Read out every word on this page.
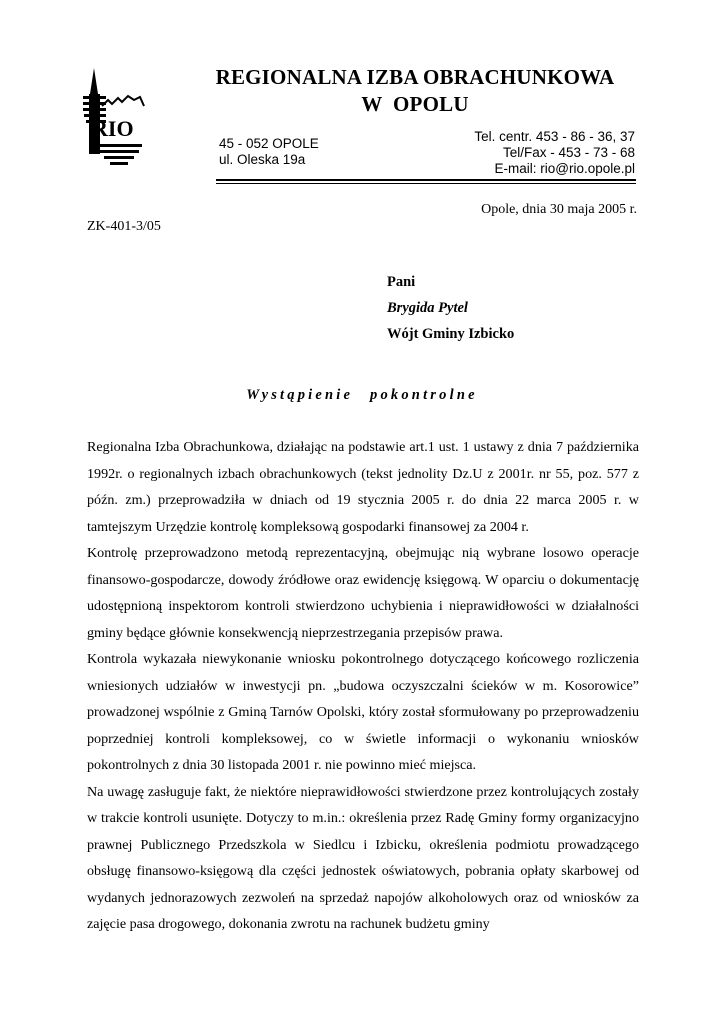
RIO
REGIONALNA IZBA OBRACHUNKOWA
W  OPOLU
45 - 052 OPOLE
ul. Oleska 19a
Tel. centr. 453 - 86 - 36, 37
Tel/Fax - 453 - 73 - 68
E-mail: rio@rio.opole.pl
Opole, dnia 30 maja 2005 r.
ZK-401-3/05
Pani
Brygida Pytel
Wójt Gminy Izbicko
Wystąpienie pokontrolne

Regionalna Izba Obrachunkowa, działając na podstawie art.1 ust. 1 ustawy z dnia 7 października 1992r. o regionalnych izbach obrachunkowych (tekst jednolity Dz.U z 2001r. nr 55, poz. 577 z późn. zm.) przeprowadziła w dniach od 19 stycznia 2005 r. do dnia 22 marca 2005 r. w tamtejszym Urzędzie kontrolę kompleksową gospodarki finansowej za 2004 r.

Kontrolę przeprowadzono metodą reprezentacyjną, obejmując nią wybrane losowo operacje finansowo-gospodarcze, dowody źródłowe oraz ewidencję księgową. W oparciu o dokumentację udostępnioną inspektorom kontroli stwierdzono uchybienia i nieprawidłowości w działalności gminy będące głównie konsekwencją nieprzestrzegania przepisów prawa.

Kontrola wykazała niewykonanie wniosku pokontrolnego dotyczącego końcowego rozliczenia wniesionych udziałów w inwestycji pn. „budowa oczyszczalni ścieków w m. Kosorowice” prowadzonej wspólnie z Gminą Tarnów Opolski, który został sformułowany po przeprowadzeniu poprzedniej kontroli kompleksowej, co w świetle informacji o wykonaniu wniosków pokontrolnych z dnia 30 listopada 2001 r. nie powinno mieć miejsca.

Na uwagę zasługuje fakt, że niektóre nieprawidłowości stwierdzone przez kontrolujących zostały w trakcie kontroli usunięte. Dotyczy to m.in.: określenia przez Radę Gminy formy organizacyjno prawnej Publicznego Przedszkola w Siedlcu i Izbicku, określenia podmiotu prowadzącego obsługę finansowo-księgową dla części jednostek oświatowych, pobrania opłaty skarbowej od wydanych jednorazowych zezwoleń na sprzedaż napojów alkoholowych oraz od wniosków za zajęcie pasa drogowego, dokonania zwrotu na rachunek budżetu gminy
